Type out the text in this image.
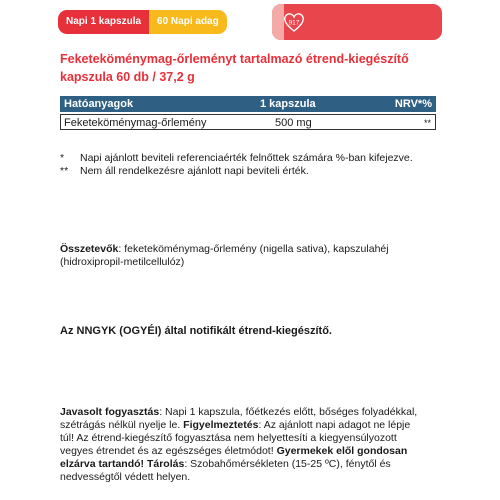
Napi 1 kapszula	60 Napi adag	917
Feketeköménymag-őrleményt tartalmazó étrend-kiegészítő kapszula 60 db / 37,2 g
Hatóanyagok	1 kapszula	NRV*%
Feketeköménymag-őrlemény	500 mg	**
* Napi ajánlott beviteli referenciaérték felnőttek számára %-ban kifejezve.
** Nem áll rendelkezésre ajánlott napi beviteli érték.
Összetevők: feketeköménymag-őrlemény (nigella sativa), kapszulahéj (hidroxipropil-metilcellulóz)
Az NNGYK (OGYÉI) által notifikált étrend-kiegészítő.
Javasolt fogyasztás: Napi 1 kapszula, főétkezés előtt, bőséges folyadékkal, szétrágás nélkül nyelje le. Figyelmeztetés: Az ajánlott napi adagot ne lépje túl! Az étrend-kiegészítő fogyasztása nem helyettesíti a kiegyensúlyozott vegyes étrendet és az egészséges életmódot! Gyermekek elől gondosan elzárva tartandó! Tárolás: Szobahőmérsékleten (15-25 ºC), fénytől és nedvességtől védett helyen.
